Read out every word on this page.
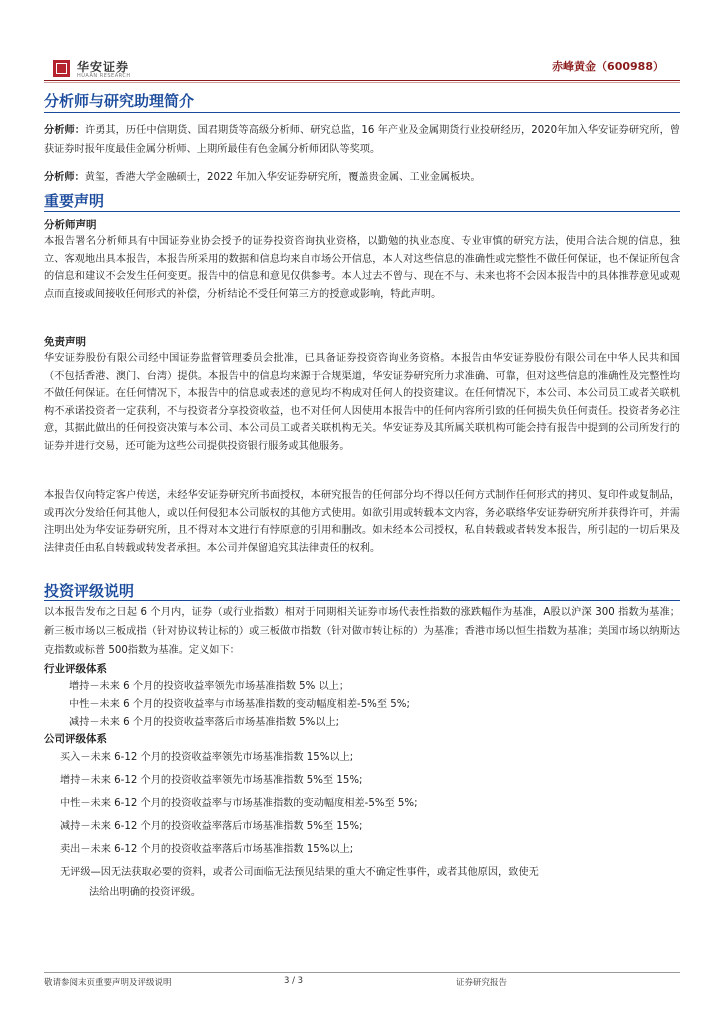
华安证券
HUAAN RESEARCH
赤峰黄金（600988）
分析师与研究助理简介
分析师：许勇其，历任中信期货、国君期货等高级分析师、研究总监，16 年产业及金属期货行业投研经历，2020年加入华安证券研究所，曾获证券时报年度最佳金属分析师、上期所最佳有色金属分析师团队等奖项。
分析师：黄玺，香港大学金融硕士，2022 年加入华安证券研究所，覆盖贵金属、工业金属板块。
重要声明
分析师声明
本报告署名分析师具有中国证券业协会授予的证券投资咨询执业资格，以勤勉的执业态度、专业审慎的研究方法，使用合法合规的信息，独立、客观地出具本报告，本报告所采用的数据和信息均来自市场公开信息，本人对这些信息的准确性或完整性不做任何保证，也不保证所包含的信息和建议不会发生任何变更。报告中的信息和意见仅供参考。本人过去不曾与、现在不与、未来也将不会因本报告中的具体推荐意见或观点而直接或间接收任何形式的补偿，分析结论不受任何第三方的授意或影响，特此声明。
免责声明
华安证券股份有限公司经中国证券监督管理委员会批准，已具备证券投资咨询业务资格。本报告由华安证券股份有限公司在中华人民共和国（不包括香港、澳门、台湾）提供。本报告中的信息均来源于合规渠道，华安证券研究所力求准确、可靠，但对这些信息的准确性及完整性均不做任何保证。在任何情况下，本报告中的信息或表述的意见均不构成对任何人的投资建议。在任何情况下，本公司、本公司员工或者关联机构不承诺投资者一定获利，不与投资者分享投资收益，也不对任何人因使用本报告中的任何内容所引致的任何损失负任何责任。投资者务必注意，其据此做出的任何投资决策与本公司、本公司员工或者关联机构无关。华安证券及其所属关联机构可能会持有报告中提到的公司所发行的证券并进行交易，还可能为这些公司提供投资银行服务或其他服务。
本报告仅向特定客户传送，未经华安证券研究所书面授权，本研究报告的任何部分均不得以任何方式制作任何形式的拷贝、复印件或复制品，或再次分发给任何其他人，或以任何侵犯本公司版权的其他方式使用。如欲引用或转载本文内容，务必联络华安证券研究所并获得许可，并需注明出处为华安证券研究所，且不得对本文进行有悖原意的引用和删改。如未经本公司授权，私自转载或者转发本报告，所引起的一切后果及法律责任由私自转载或转发者承担。本公司并保留追究其法律责任的权利。
投资评级说明
以本报告发布之日起 6 个月内，证券（或行业指数）相对于同期相关证券市场代表性指数的涨跌幅作为基准，A股以沪深 300 指数为基准；新三板市场以三板成指（针对协议转让标的）或三板做市指数（针对做市转让标的）为基准；香港市场以恒生指数为基准；美国市场以纳斯达克指数或标普 500指数为基准。定义如下：
行业评级体系
增持－未来 6 个月的投资收益率领先市场基准指数 5% 以上；
中性－未来 6 个月的投资收益率与市场基准指数的变动幅度相差-5%至 5%;
减持－未来 6 个月的投资收益率落后市场基准指数 5%以上;
公司评级体系
买入－未来 6-12 个月的投资收益率领先市场基准指数 15%以上;
增持－未来 6-12 个月的投资收益率领先市场基准指数 5%至 15%;
中性－未来 6-12 个月的投资收益率与市场基准指数的变动幅度相差-5%至 5%;
减持－未来 6-12 个月的投资收益率落后市场基准指数 5%至 15%;
卖出－未来 6-12 个月的投资收益率落后市场基准指数 15%以上;
无评级—因无法获取必要的资料，或者公司面临无法预见结果的重大不确定性事件，或者其他原因，致使无
法给出明确的投资评级。
敬请参阅末页重要声明及评级说明	3 / 3	证券研究报告
